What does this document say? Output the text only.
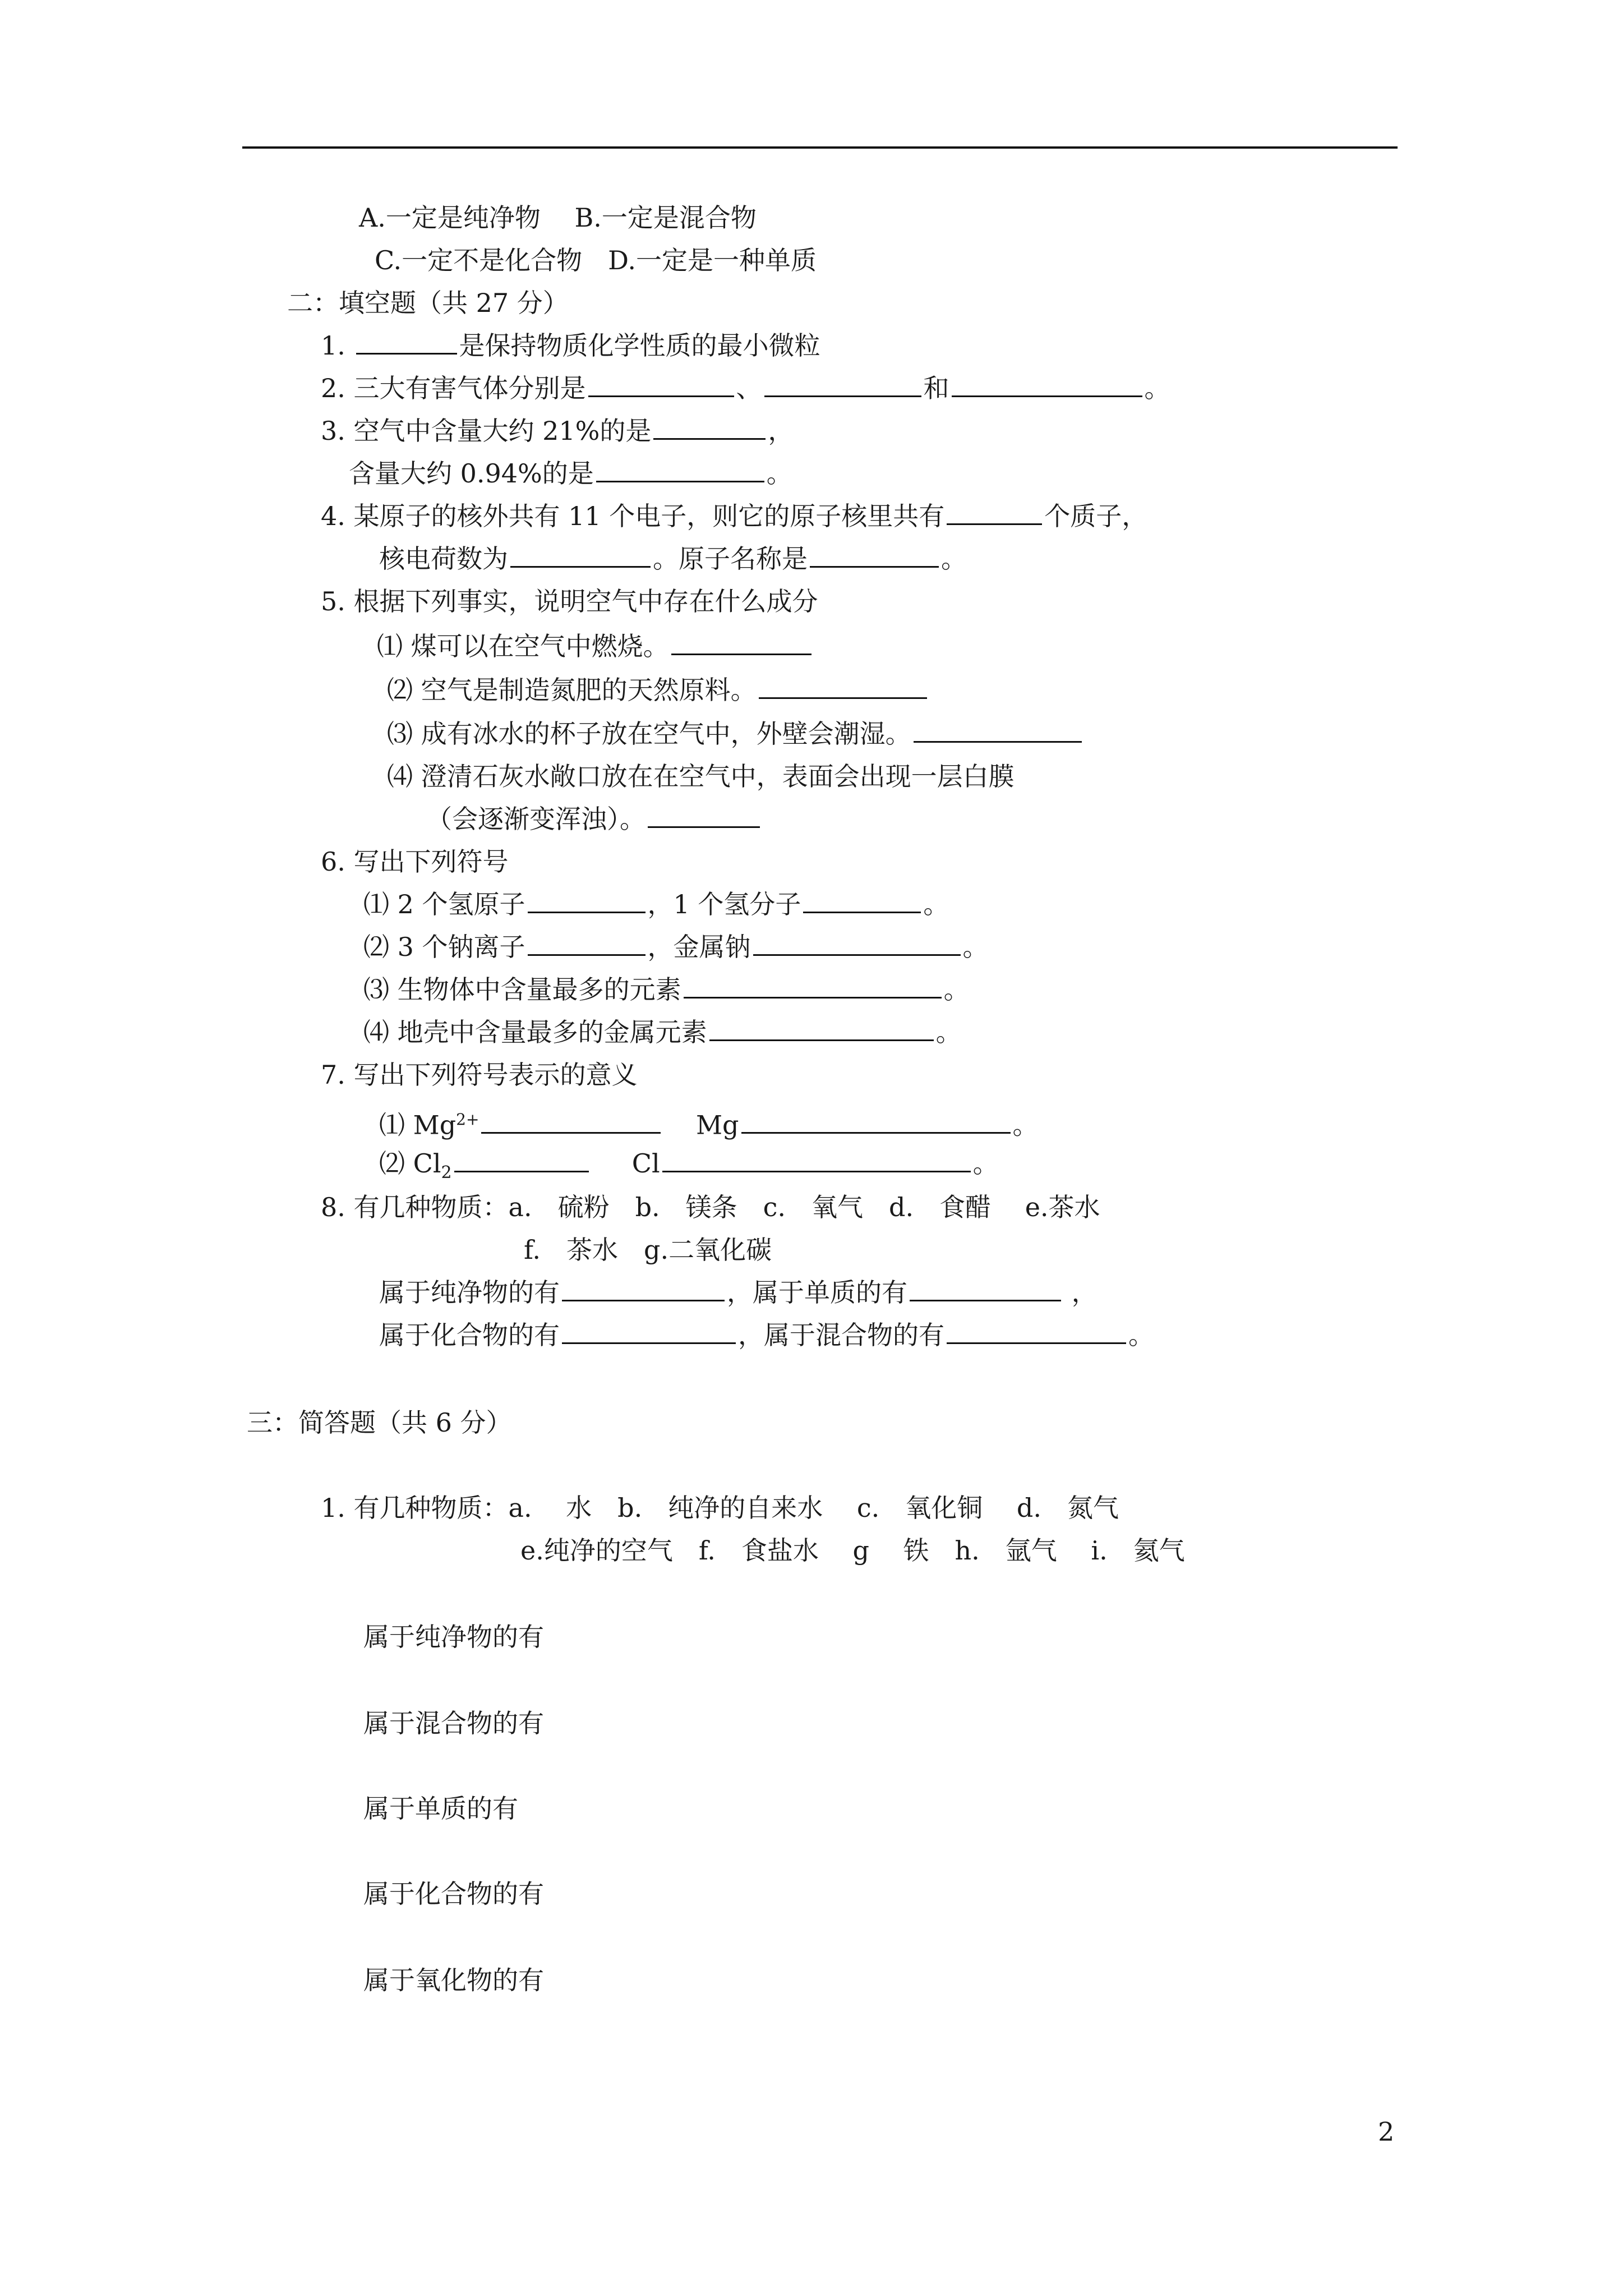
A.一定是纯净物　 B.一定是混合物
C.一定不是化合物　D.一定是一种单质
二：填空题（共 27 分）
1.	是保持物质化学性质的最小微粒
2. 三大有害气体分别是	、	和	。
3. 空气中含量大约 21%的是	，
含量大约 0.94%的是	。
4. 某原子的核外共有 11 个电子，则它的原子核里共有	个质子，
核电荷数为	。原子名称是	。
5. 根据下列事实，说明空气中存在什么成分
⑴ 煤可以在空气中燃烧。
⑵ 空气是制造氮肥的天然原料。
⑶ 成有冰水的杯子放在空气中，外壁会潮湿。
⑷ 澄清石灰水敞口放在在空气中，表面会出现一层白膜
（会逐渐变浑浊）。
6. 写出下列符号
⑴ 2 个氢原子	，1 个氢分子	。
⑵ 3 个钠离子	，金属钠	。
⑶ 生物体中含量最多的元素	。
⑷ 地壳中含量最多的金属元素	。
7. 写出下列符号表示的意义
⑴ $Mg^{2+}$	Mg	。
⑵ $Cl_2$	Cl	。
8. 有几种物质：a.　硫粉　b.　镁条　c.　氧气　d.　食醋　 e.茶水
f.　茶水　g.二氧化碳
属于纯净物的有	，属于单质的有	，
属于化合物的有	，属于混合物的有	。
三：简答题（共 6 分）
1. 有几种物质：a.　 水　b.　纯净的自来水　 c.　氧化铜　 d.　氮气
e.纯净的空气　f.　食盐水　 g　 铁　h.　氩气　 i.　氦气
属于纯净物的有
属于混合物的有
属于单质的有
属于化合物的有
属于氧化物的有
2
